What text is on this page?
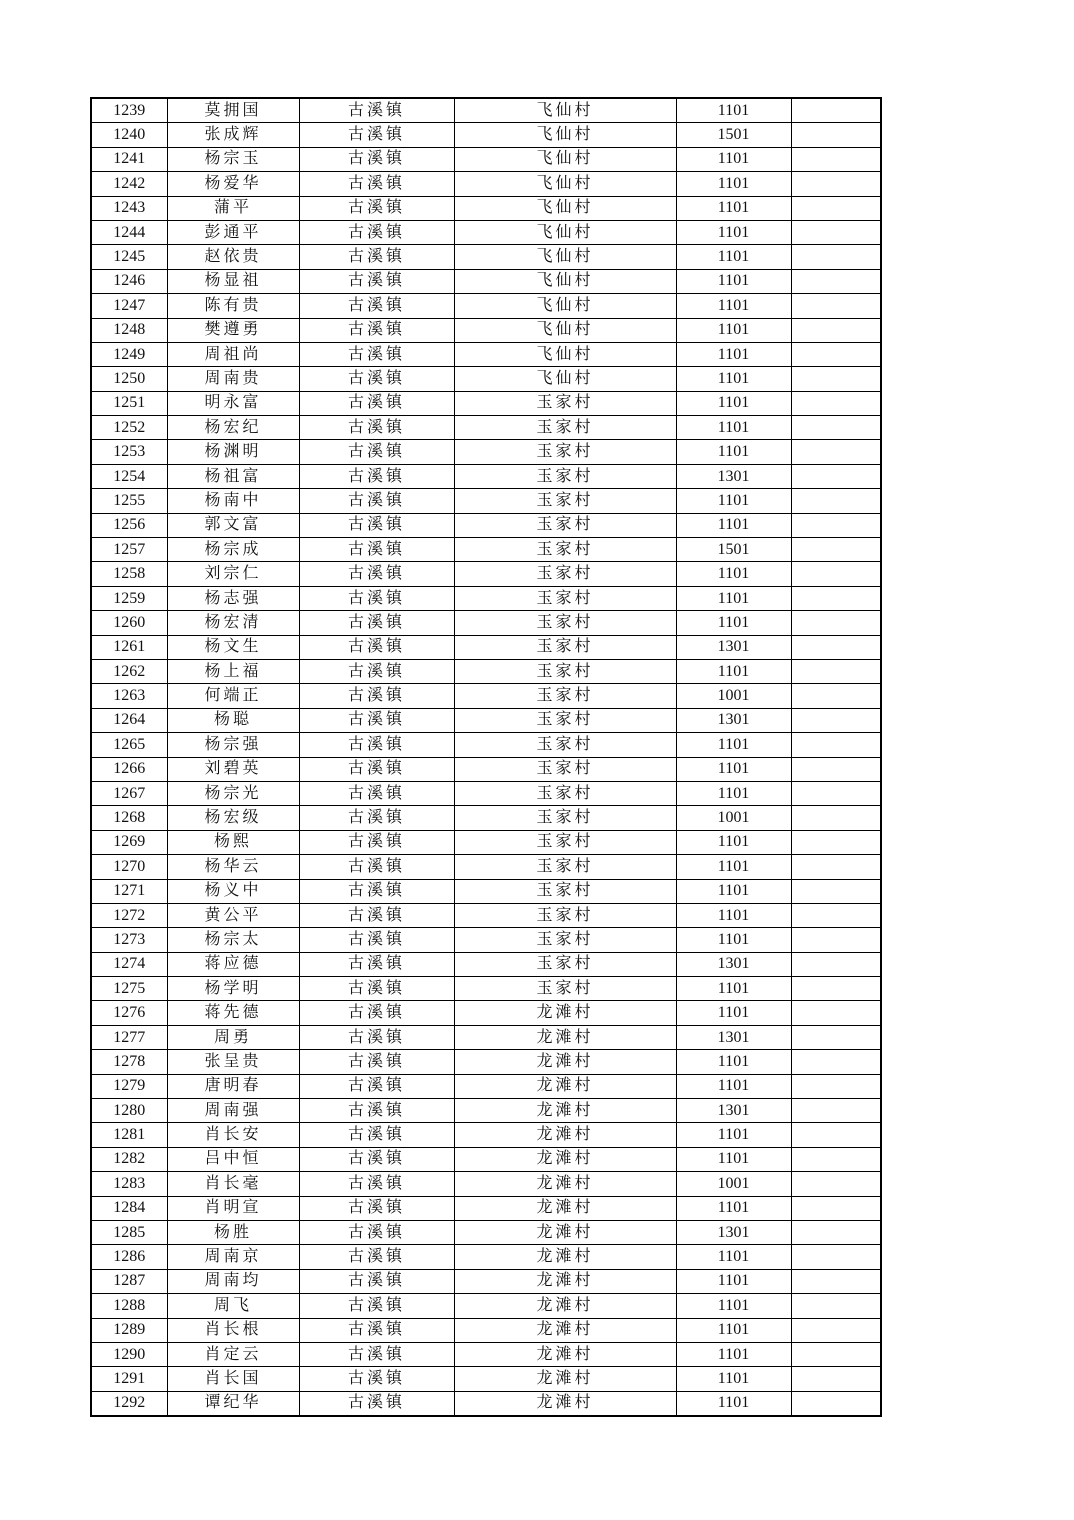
1239	莫拥国	古溪镇	飞仙村	1101	
1240	张成辉	古溪镇	飞仙村	1501	
1241	杨宗玉	古溪镇	飞仙村	1101	
1242	杨爱华	古溪镇	飞仙村	1101	
1243	蒲平	古溪镇	飞仙村	1101	
1244	彭通平	古溪镇	飞仙村	1101	
1245	赵依贵	古溪镇	飞仙村	1101	
1246	杨显祖	古溪镇	飞仙村	1101	
1247	陈有贵	古溪镇	飞仙村	1101	
1248	樊遵勇	古溪镇	飞仙村	1101	
1249	周祖尚	古溪镇	飞仙村	1101	
1250	周南贵	古溪镇	飞仙村	1101	
1251	明永富	古溪镇	玉家村	1101	
1252	杨宏纪	古溪镇	玉家村	1101	
1253	杨渊明	古溪镇	玉家村	1101	
1254	杨祖富	古溪镇	玉家村	1301	
1255	杨南中	古溪镇	玉家村	1101	
1256	郭文富	古溪镇	玉家村	1101	
1257	杨宗成	古溪镇	玉家村	1501	
1258	刘宗仁	古溪镇	玉家村	1101	
1259	杨志强	古溪镇	玉家村	1101	
1260	杨宏清	古溪镇	玉家村	1101	
1261	杨文生	古溪镇	玉家村	1301	
1262	杨上福	古溪镇	玉家村	1101	
1263	何端正	古溪镇	玉家村	1001	
1264	杨聪	古溪镇	玉家村	1301	
1265	杨宗强	古溪镇	玉家村	1101	
1266	刘碧英	古溪镇	玉家村	1101	
1267	杨宗光	古溪镇	玉家村	1101	
1268	杨宏级	古溪镇	玉家村	1001	
1269	杨熙	古溪镇	玉家村	1101	
1270	杨华云	古溪镇	玉家村	1101	
1271	杨义中	古溪镇	玉家村	1101	
1272	黄公平	古溪镇	玉家村	1101	
1273	杨宗太	古溪镇	玉家村	1101	
1274	蒋应德	古溪镇	玉家村	1301	
1275	杨学明	古溪镇	玉家村	1101	
1276	蒋先德	古溪镇	龙滩村	1101	
1277	周勇	古溪镇	龙滩村	1301	
1278	张呈贵	古溪镇	龙滩村	1101	
1279	唐明春	古溪镇	龙滩村	1101	
1280	周南强	古溪镇	龙滩村	1301	
1281	肖长安	古溪镇	龙滩村	1101	
1282	吕中恒	古溪镇	龙滩村	1101	
1283	肖长毫	古溪镇	龙滩村	1001	
1284	肖明宣	古溪镇	龙滩村	1101	
1285	杨胜	古溪镇	龙滩村	1301	
1286	周南京	古溪镇	龙滩村	1101	
1287	周南均	古溪镇	龙滩村	1101	
1288	周飞	古溪镇	龙滩村	1101	
1289	肖长根	古溪镇	龙滩村	1101	
1290	肖定云	古溪镇	龙滩村	1101	
1291	肖长国	古溪镇	龙滩村	1101	
1292	谭纪华	古溪镇	龙滩村	1101	
